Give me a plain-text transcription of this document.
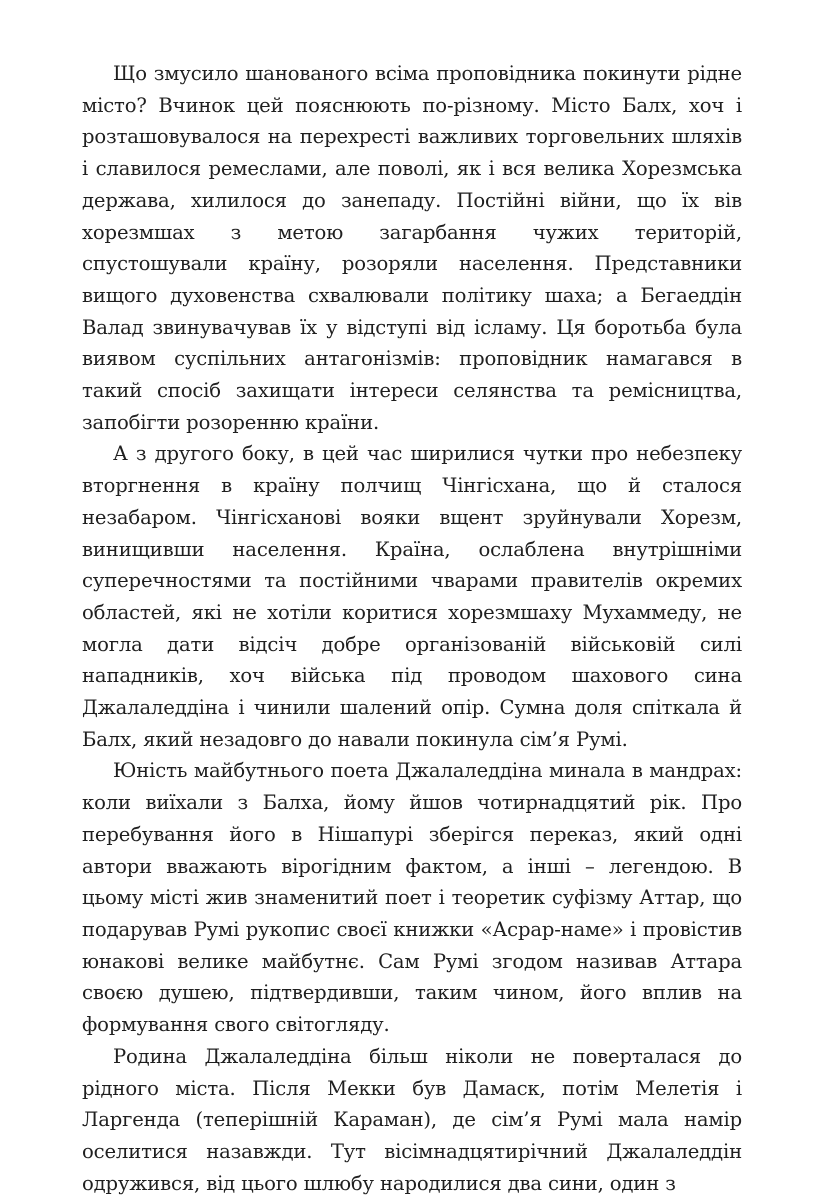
Що змусило шанованого всіма проповідника покинути рідне місто? Вчинок цей пояснюють по-різному. Місто Балх, хоч і розташовувалося на перехресті важливих торговельних шляхів і славилося ремеслами, але поволі, як і вся велика Хорезмська держава, хилилося до занепаду. Постійні війни, що їх вів хорезмшах з метою загарбання чужих територій, спустошували країну, розоряли населення. Представники вищого духовенства схвалювали політику шаха; а Бегаеддін Валад звинувачував їх у відступі від ісламу. Ця боротьба була виявом суспільних антагонізмів: проповідник намагався в такий спосіб захищати інтереси селянства та ремісництва, запобігти розоренню країни.

А з другого боку, в цей час ширилися чутки про небезпеку вторгнення в країну полчищ Чінгісхана, що й сталося незабаром. Чінгісханові вояки вщент зруйнували Хорезм, винищивши населення. Країна, ослаблена внутрішніми суперечностями та постійними чварами правителів окремих областей, які не хотіли коритися хорезмшаху Мухаммеду, не могла дати відсіч добре організованій військовій силі нападників, хоч війська під проводом шахового сина Джалаледдіна і чинили шалений опір. Сумна доля спіткала й Балх, який незадовго до навали покинула сім’я Румі.

Юність майбутнього поета Джалаледдіна минала в мандрах: коли виїхали з Балха, йому йшов чотирнадцятий рік. Про перебування його в Нішапурі зберігся переказ, який одні автори вважають вірогідним фактом, а інші – легендою. В цьому місті жив знаменитий поет і теоретик суфізму Аттар, що подарував Румі рукопис своєї книжки «Асрар-наме» і провістив юнакові велике майбутнє. Сам Румі згодом називав Аттара своєю душею, підтвердивши, таким чином, його вплив на формування свого світогляду.

Родина Джалаледдіна більш ніколи не поверталася до рідного міста. Після Мекки був Дамаск, потім Мелетія і Ларгенда (теперішній Караман), де сім’я Румі мала намір оселитися назавжди. Тут вісімнадцятирічний Джалаледдін одружився, від цього шлюбу народилися два сини, один з
